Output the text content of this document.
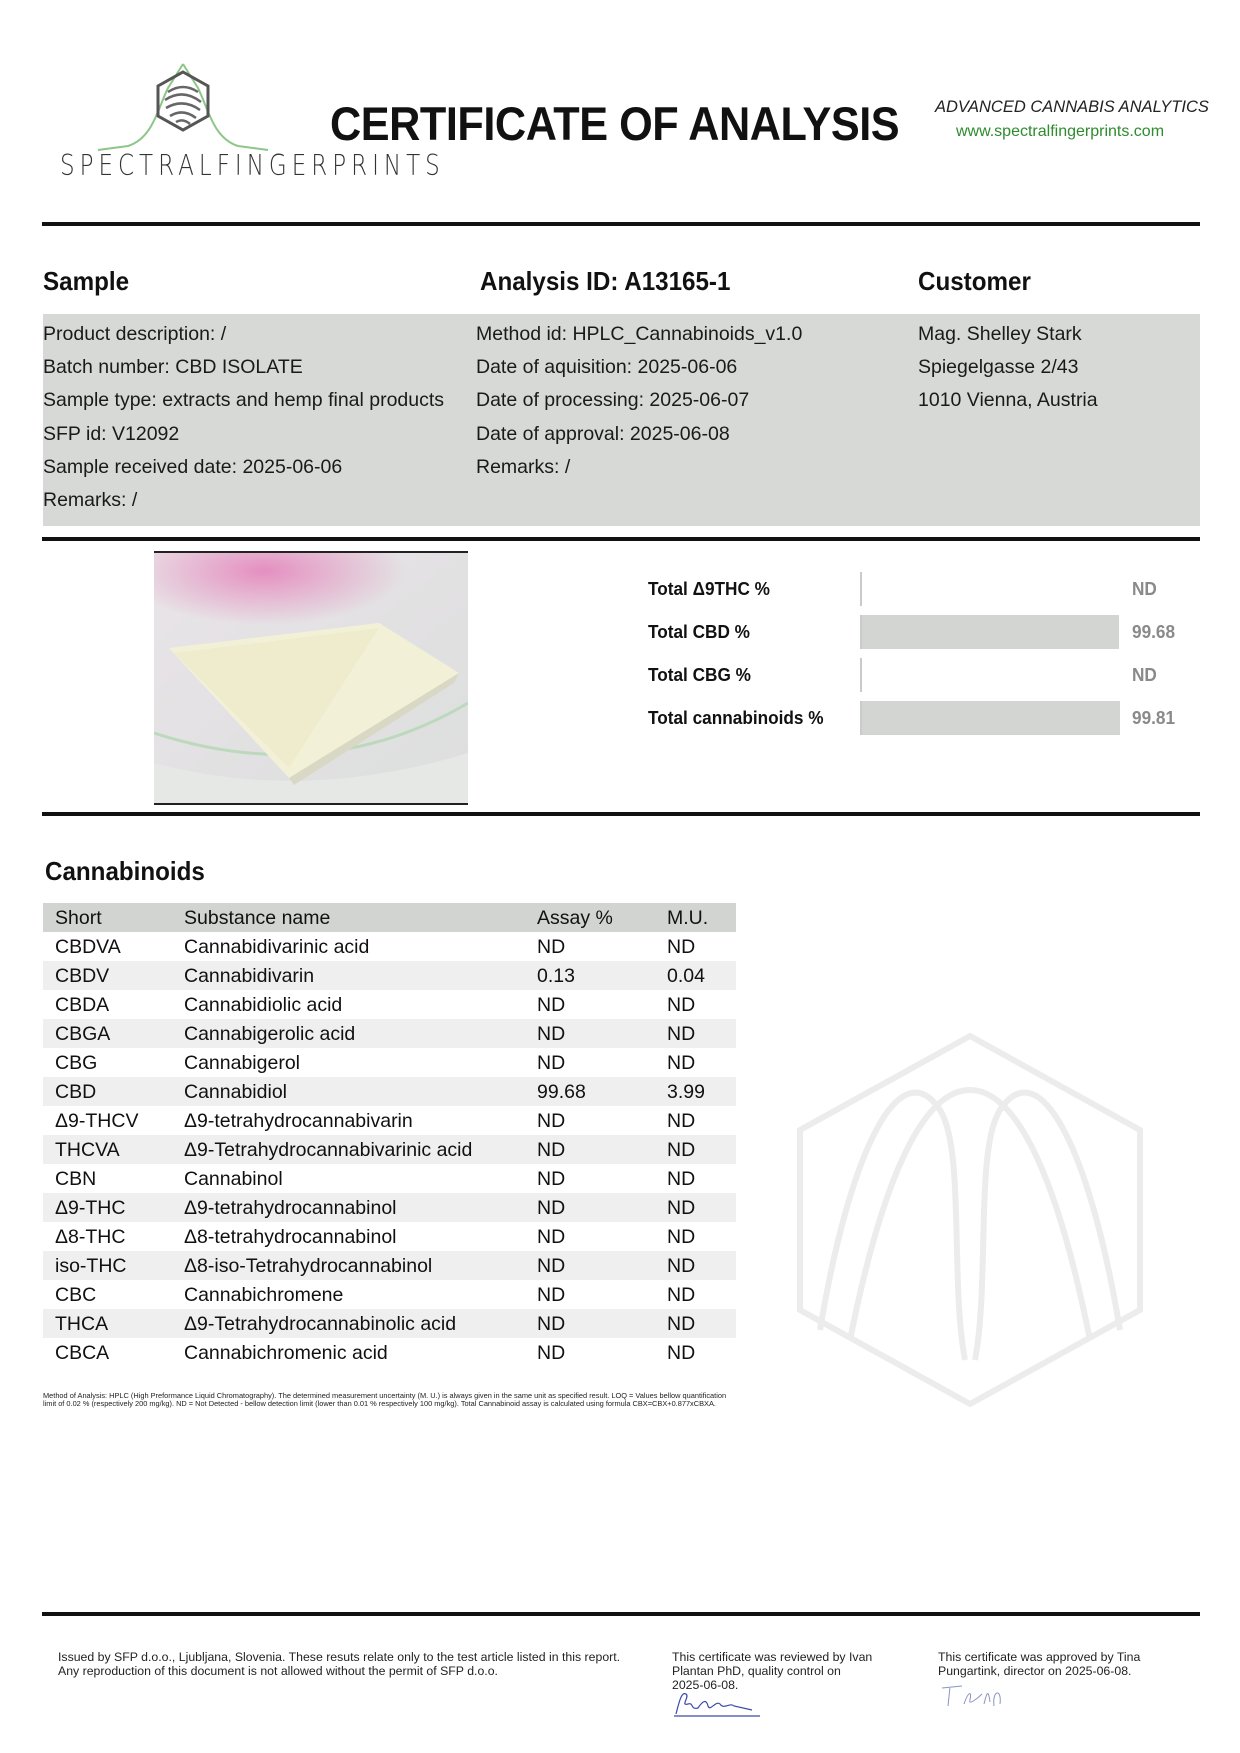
SPECTRALFINGERPRINTS
CERTIFICATE OF ANALYSIS ADVANCED CANNABIS ANALYTICS
www.spectralfingerprints.com
Sample	Analysis ID: A13165-1	Customer
Product description: /
Batch number: CBD ISOLATE
Sample type: extracts and hemp final products
SFP id: V12092
Sample received date: 2025-06-06
Remarks: /
Method id: HPLC_Cannabinoids_v1.0
Date of aquisition: 2025-06-06
Date of processing: 2025-06-07
Date of approval: 2025-06-08
Remarks: /
Mag. Shelley Stark
Spiegelgasse 2/43
1010 Vienna, Austria
Total Δ9THC %	ND
Total CBD %	99.68
Total CBG %	ND
Total cannabinoids %	99.81
Cannabinoids
Short	Substance name	Assay %	M.U.
CBDVA	Cannabidivarinic acid	ND	ND
CBDV	Cannabidivarin	0.13	0.04
CBDA	Cannabidiolic acid	ND	ND
CBGA	Cannabigerolic acid	ND	ND
CBG	Cannabigerol	ND	ND
CBD	Cannabidiol	99.68	3.99
Δ9-THCV Δ9-tetrahydrocannabivarin	ND	ND
THCVA	Δ9-Tetrahydrocannabivarinic acid	ND	ND
CBN	Cannabinol	ND	ND
Δ9-THC	Δ9-tetrahydrocannabinol	ND	ND
Δ8-THC	Δ8-tetrahydrocannabinol	ND	ND
iso-THC	Δ8-iso-Tetrahydrocannabinol	ND	ND
CBC	Cannabichromene	ND	ND
THCA	Δ9-Tetrahydrocannabinolic acid	ND	ND
CBCA	Cannabichromenic acid	ND	ND
Method of Analysis: HPLC (High Preformance Liquid Chromatography). The determined measurement uncertainty (M. U.) is always given in the same unit as specified result. LOQ = Values bellow quantification limit of 0.02 % (respectively 200 mg/kg). ND = Not Detected - bellow detection limit (lower than 0.01 % respectively 100 mg/kg). Total Cannabinoid assay is calculated using formula CBX=CBX+0.877xCBXA.
Issued by SFP d.o.o., Ljubljana, Slovenia. These resuts relate only to the test article listed in this report.
Any reproduction of this document is not allowed without the permit of SFP d.o.o.
This certificate was reviewed by Ivan
Plantan PhD, quality control on
2025-06-08.
This certificate was approved by Tina
Pungartink, director on 2025-06-08.
